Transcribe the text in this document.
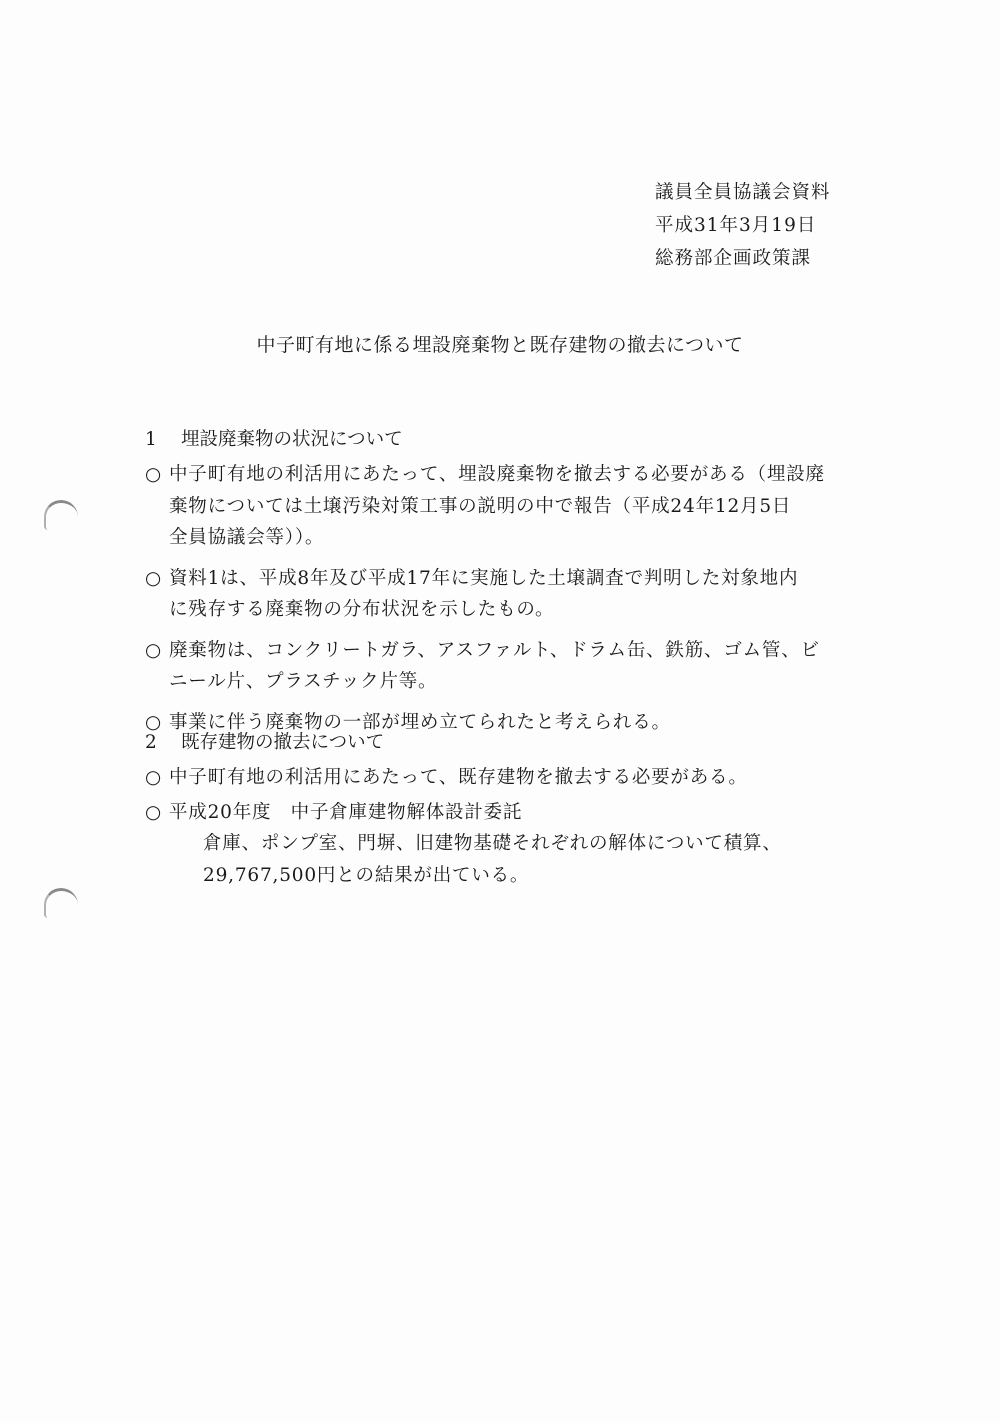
議員全員協議会資料
平成31年3月19日
総務部企画政策課
中子町有地に係る埋設廃棄物と既存建物の撤去について
1 埋設廃棄物の状況について
○ 中子町有地の利活用にあたって、埋設廃棄物を撤去する必要がある（埋設廃
棄物については土壌汚染対策工事の説明の中で報告（平成24年12月5日
全員協議会等））。
○ 資料1は、平成8年及び平成17年に実施した土壌調査で判明した対象地内
に残存する廃棄物の分布状況を示したもの。
○ 廃棄物は、コンクリートガラ、アスファルト、ドラム缶、鉄筋、ゴム管、ビ
ニール片、プラスチック片等。
○ 事業に伴う廃棄物の一部が埋め立てられたと考えられる。
2 既存建物の撤去について
○ 中子町有地の利活用にあたって、既存建物を撤去する必要がある。
○ 平成20年度　中子倉庫建物解体設計委託
倉庫、ポンプ室、門塀、旧建物基礎それぞれの解体について積算、
29,767,500円との結果が出ている。
